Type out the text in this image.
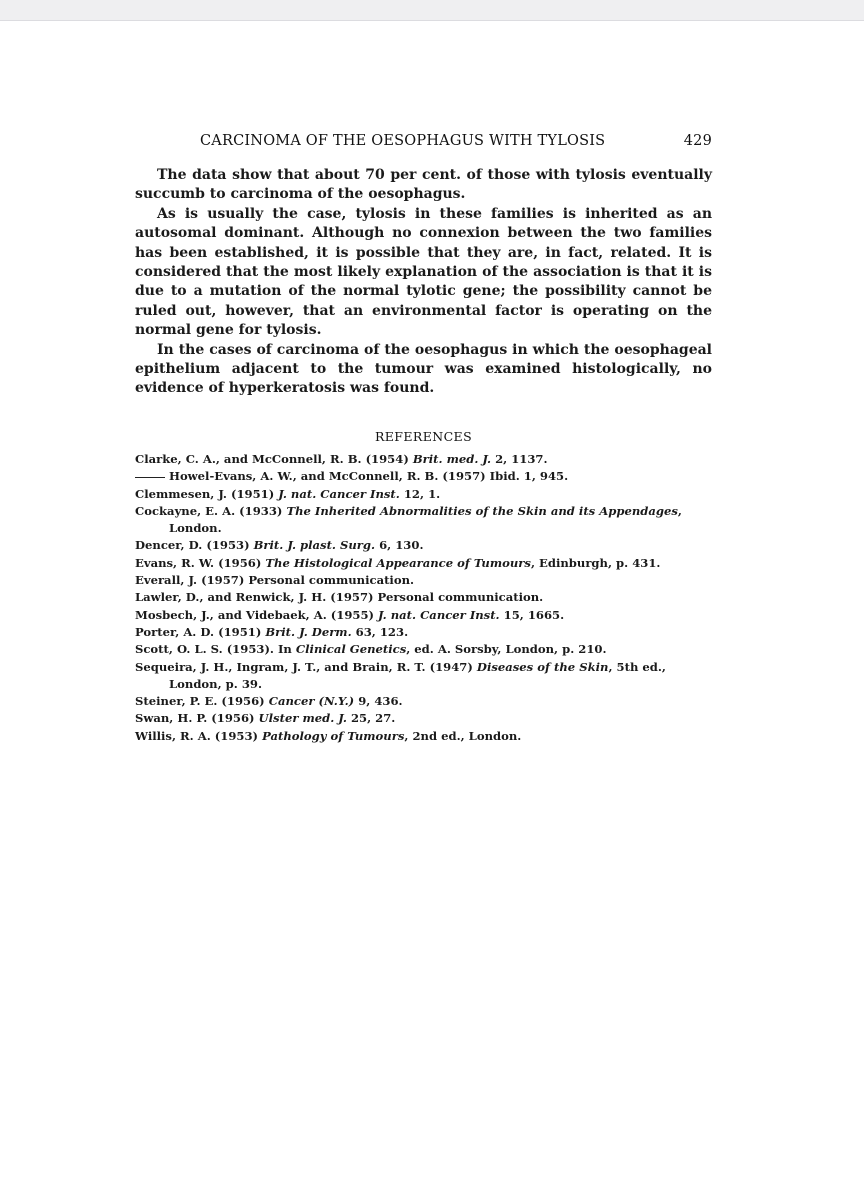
CARCINOMA OF THE OESOPHAGUS WITH TYLOSIS	429

The data show that about 70 per cent. of those with tylosis eventually succumb to carcinoma of the oesophagus.

As is usually the case, tylosis in these families is inherited as an autosomal dominant. Although no connexion between the two families has been established, it is possible that they are, in fact, related. It is considered that the most likely explanation of the association is that it is due to a mutation of the normal tylotic gene; the possibility cannot be ruled out, however, that an environmental factor is operating on the normal gene for tylosis.

In the cases of carcinoma of the oesophagus in which the oesophageal epithelium adjacent to the tumour was examined histologically, no evidence of hyperkeratosis was found.

REFERENCES
Clarke, C. A., and McConnell, R. B. (1954) Brit. med. J. 2, 1137.
Howel-Evans, A. W., and McConnell, R. B. (1957) Ibid. 1, 945.
Clemmesen, J. (1951) J. nat. Cancer Inst. 12, 1.
Cockayne, E. A. (1933) The Inherited Abnormalities of the Skin and its Appendages, London.
Dencer, D. (1953) Brit. J. plast. Surg. 6, 130.
Evans, R. W. (1956) The Histological Appearance of Tumours, Edinburgh, p. 431.
Everall, J. (1957) Personal communication.
Lawler, D., and Renwick, J. H. (1957) Personal communication.
Mosbech, J., and Videbaek, A. (1955) J. nat. Cancer Inst. 15, 1665.
Porter, A. D. (1951) Brit. J. Derm. 63, 123.
Scott, O. L. S. (1953). In Clinical Genetics, ed. A. Sorsby, London, p. 210.
Sequeira, J. H., Ingram, J. T., and Brain, R. T. (1947) Diseases of the Skin, 5th ed.,
London, p. 39.
Steiner, P. E. (1956) Cancer (N.Y.) 9, 436.
Swan, H. P. (1956) Ulster med. J. 25, 27.
Willis, R. A. (1953) Pathology of Tumours, 2nd ed., London.
